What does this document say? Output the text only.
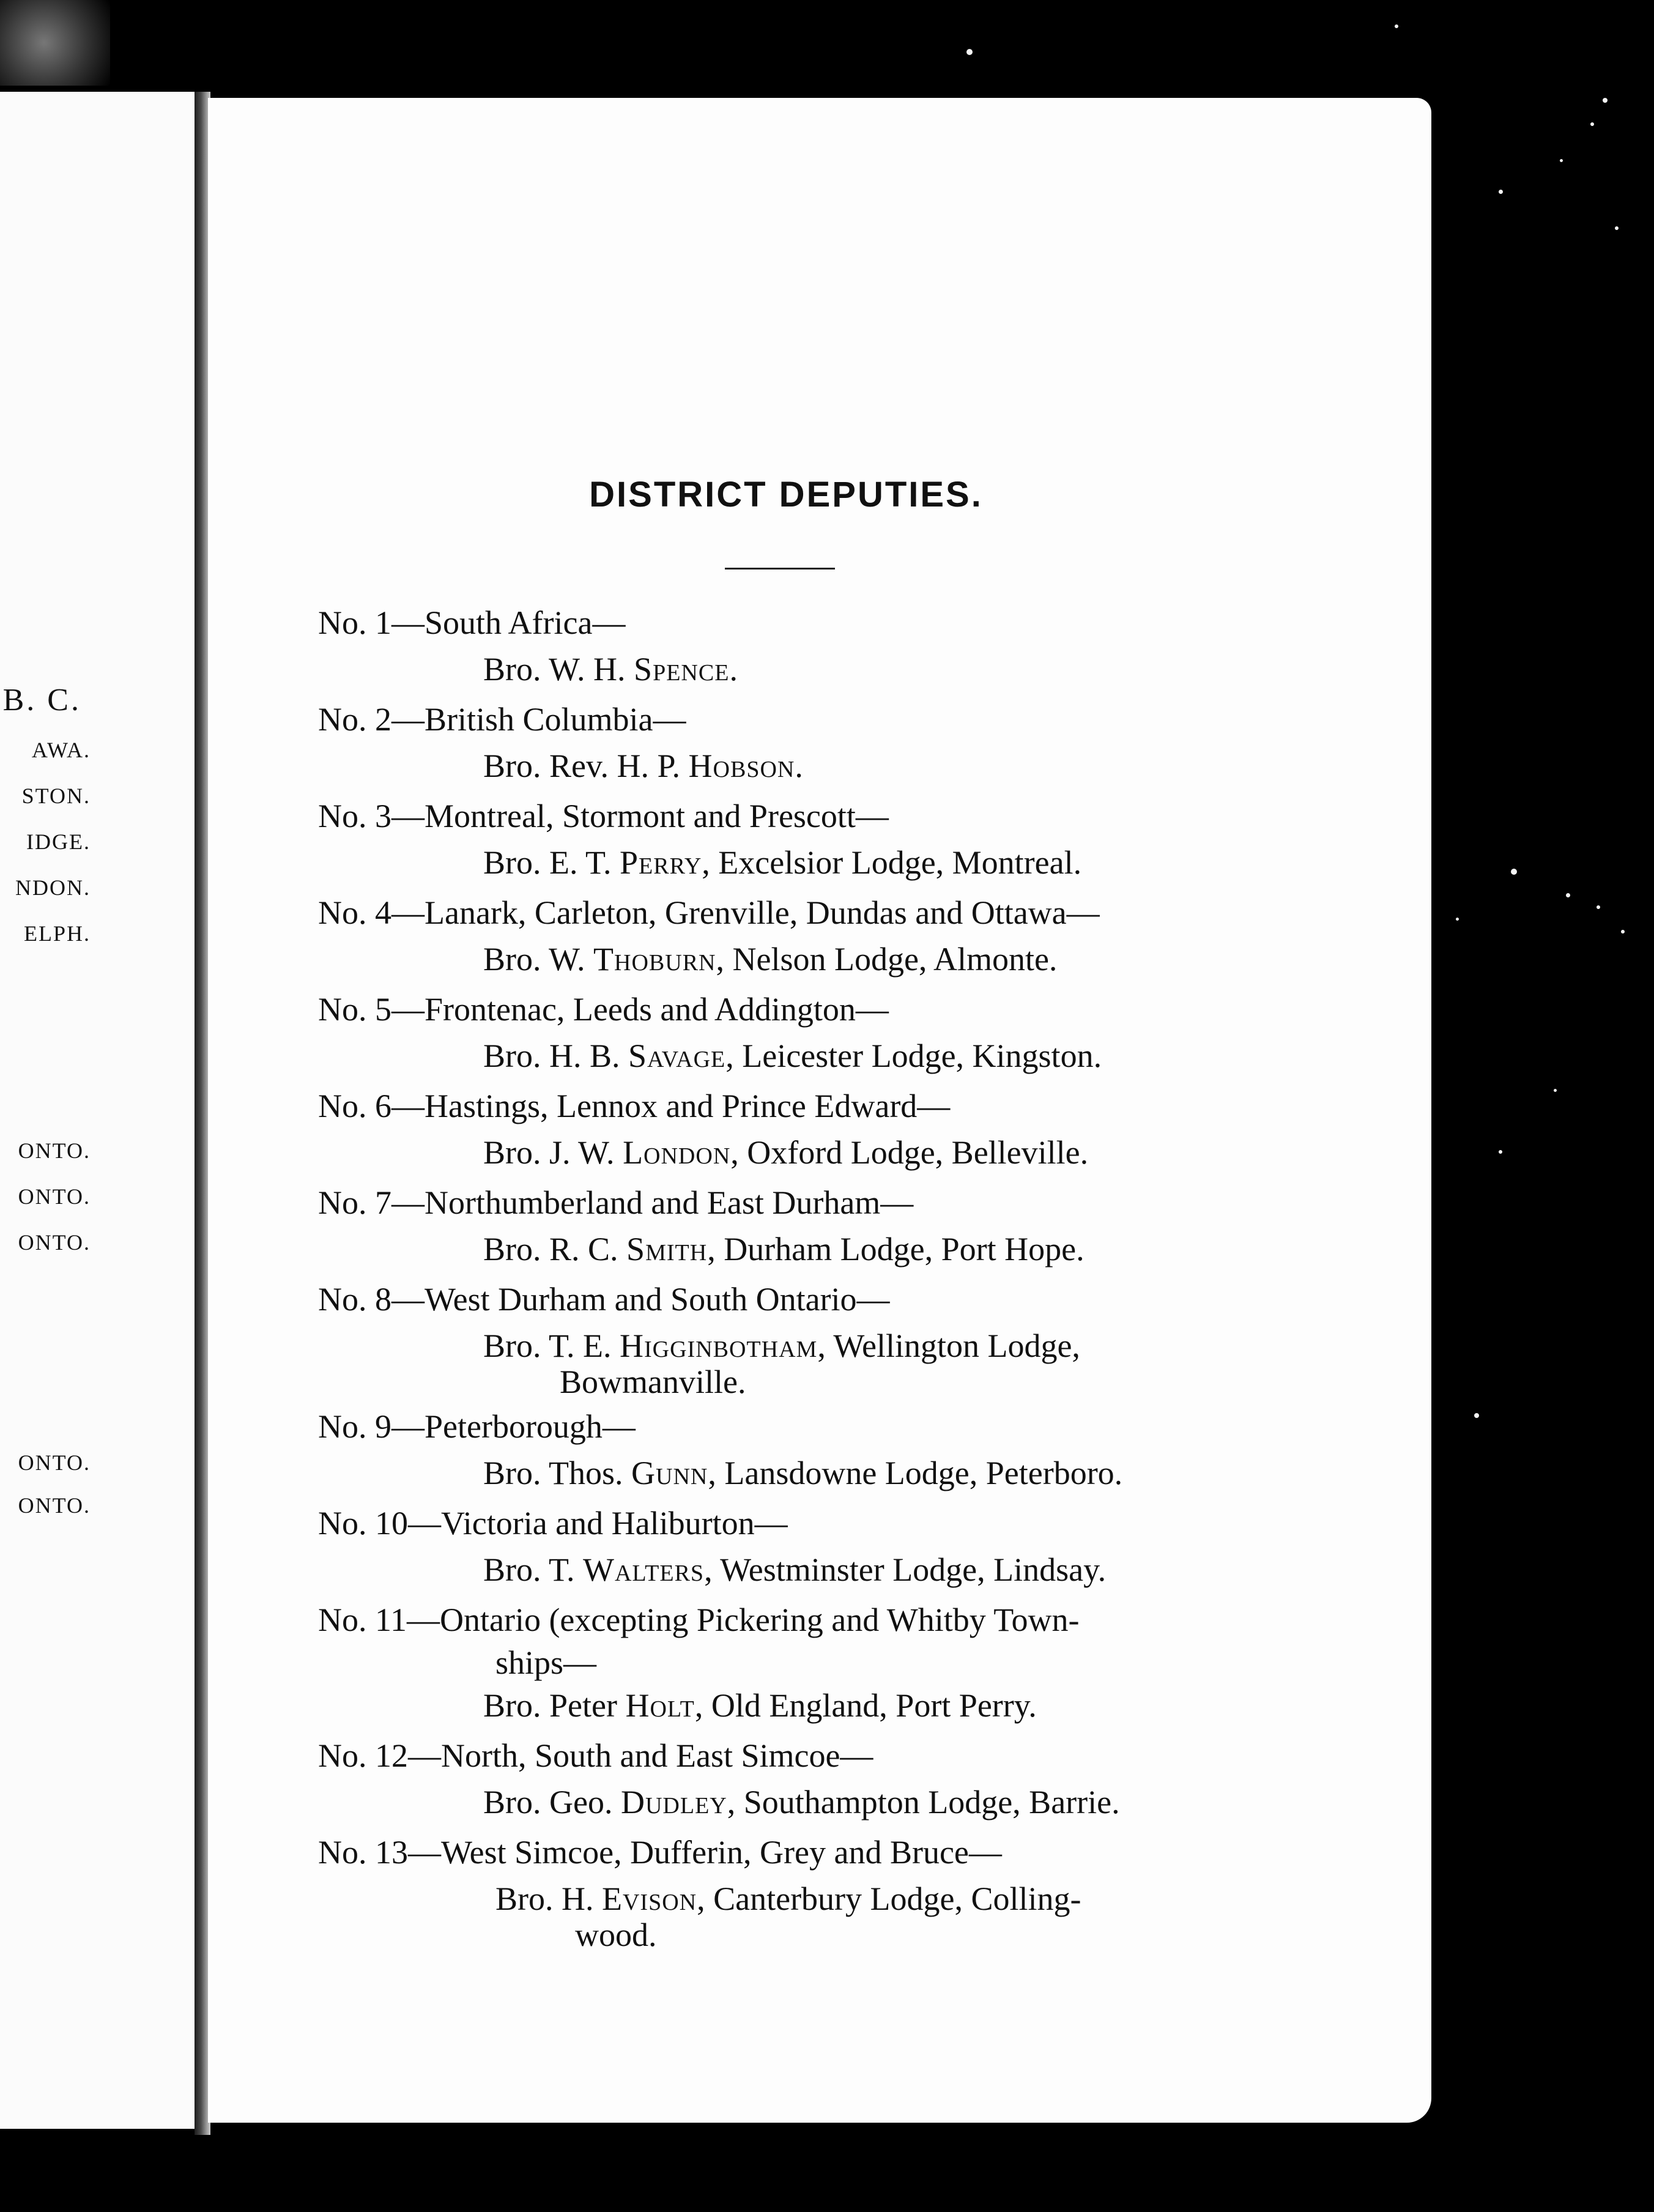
B. C.
AWA.
STON.
IDGE.
NDON.
ELPH.
ONTO.
ONTO.
ONTO.
ONTO.
ONTO.
DISTRICT DEPUTIES.
No. 1—South Africa—
Bro. W. H. Spence.
No. 2—British Columbia—
Bro. Rev. H. P. Hobson.
No. 3—Montreal, Stormont and Prescott—
Bro. E. T. Perry, Excelsior Lodge, Montreal.
No. 4—Lanark, Carleton, Grenville, Dundas and Ottawa—
Bro. W. Thoburn, Nelson Lodge, Almonte.
No. 5—Frontenac, Leeds and Addington—
Bro. H. B. Savage, Leicester Lodge, Kingston.
No. 6—Hastings, Lennox and Prince Edward—
Bro. J. W. London, Oxford Lodge, Belleville.
No. 7—Northumberland and East Durham—
Bro. R. C. Smith, Durham Lodge, Port Hope.
No. 8—West Durham and South Ontario—
Bro. T. E. Higginbotham, Wellington Lodge,
Bowmanville.
No. 9—Peterborough—
Bro. Thos. Gunn, Lansdowne Lodge, Peterboro.
No. 10—Victoria and Haliburton—
Bro. T. Walters, Westminster Lodge, Lindsay.
No. 11—Ontario (excepting Pickering and Whitby Town-
ships—
Bro. Peter Holt, Old England, Port Perry.
No. 12—North, South and East Simcoe—
Bro. Geo. Dudley, Southampton Lodge, Barrie.
No. 13—West Simcoe, Dufferin, Grey and Bruce—
Bro. H. Evison, Canterbury Lodge, Colling-
wood.
